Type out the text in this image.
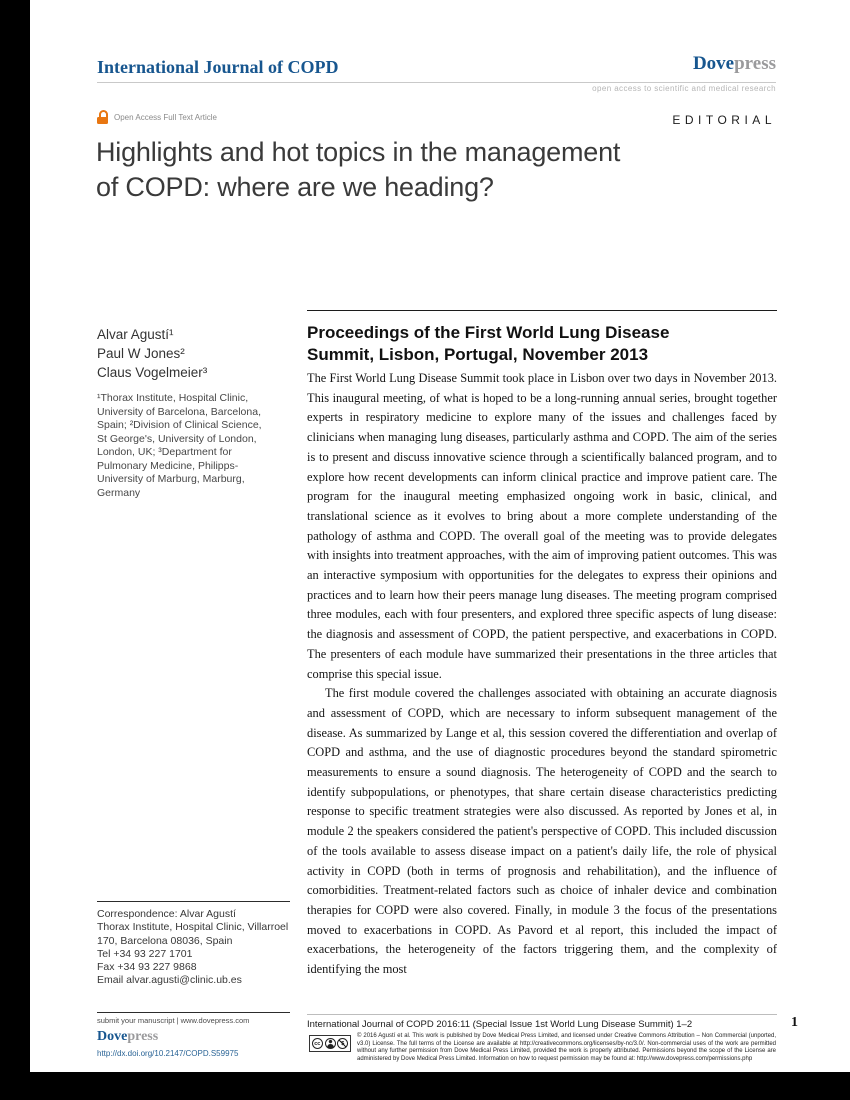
International Journal of COPD	Dovepress
open access to scientific and medical research
Open Access Full Text Article	EDITORIAL
Highlights and hot topics in the management
of COPD: where are we heading?
Alvar Agustí¹
Paul W Jones²
Claus Vogelmeier³
¹Thorax Institute, Hospital Clinic, University of Barcelona, Barcelona, Spain; ²Division of Clinical Science, St George's, University of London, London, UK; ³Department for Pulmonary Medicine, Philipps-University of Marburg, Marburg, Germany
Correspondence: Alvar Agustí
Thorax Institute, Hospital Clinic, Villarroel 170, Barcelona 08036, Spain
Tel +34 93 227 1701
Fax +34 93 227 9868
Email alvar.agusti@clinic.ub.es
Proceedings of the First World Lung Disease
Summit, Lisbon, Portugal, November 2013

The First World Lung Disease Summit took place in Lisbon over two days in November 2013. This inaugural meeting, of what is hoped to be a long-running annual series, brought together experts in respiratory medicine to explore many of the issues and challenges faced by clinicians when managing lung diseases, particularly asthma and COPD. The aim of the series is to present and discuss innovative science through a scientifically balanced program, and to explore how recent developments can inform clinical practice and improve patient care. The program for the inaugural meeting emphasized ongoing work in basic, clinical, and translational science as it evolves to bring about a more complete understanding of the pathology of asthma and COPD. The overall goal of the meeting was to provide delegates with insights into treatment approaches, with the aim of improving patient outcomes. This was an interactive symposium with opportunities for the delegates to express their opinions and practices and to learn how their peers manage lung diseases. The meeting program comprised three modules, each with four presenters, and explored three specific aspects of lung disease: the diagnosis and assessment of COPD, the patient perspective, and exacerbations in COPD. The presenters of each module have summarized their presentations in the three articles that comprise this special issue.

The first module covered the challenges associated with obtaining an accurate diagnosis and assessment of COPD, which are necessary to inform subsequent management of the disease. As summarized by Lange et al, this session covered the differentiation and overlap of COPD and asthma, and the use of diagnostic procedures beyond the standard spirometric measurements to ensure a sound diagnosis. The heterogeneity of COPD and the search to identify subpopulations, or phenotypes, that share certain disease characteristics predicting response to specific treatment strategies were also discussed. As reported by Jones et al, in module 2 the speakers considered the patient's perspective of COPD. This included discussion of the tools available to assess disease impact on a patient's daily life, the role of physical activity in COPD (both in terms of prognosis and rehabilitation), and the influence of comorbidities. Treatment-related factors such as choice of inhaler device and combination therapies for COPD were also covered. Finally, in module 3 the focus of the presentations moved to exacerbations in COPD. As Pavord et al report, this included the impact of exacerbations, the heterogeneity of the factors triggering them, and the complexity of identifying the most

submit your manuscript | www.dovepress.com
Dovepress
http://dx.doi.org/10.2147/COPD.S59975
International Journal of COPD 2016:11 (Special Issue 1st World Lung Disease Summit) 1–2	1
cc	$
© 2016 Agustí et al. This work is published by Dove Medical Press Limited, and licensed under Creative Commons Attribution – Non Commercial (unported, v3.0) License. The full terms of the License are available at http://creativecommons.org/licenses/by-nc/3.0/. Non-commercial uses of the work are permitted without any further permission from Dove Medical Press Limited, provided the work is properly attributed. Permissions beyond the scope of the License are administered by Dove Medical Press Limited. Information on how to request permission may be found at: http://www.dovepress.com/permissions.php
